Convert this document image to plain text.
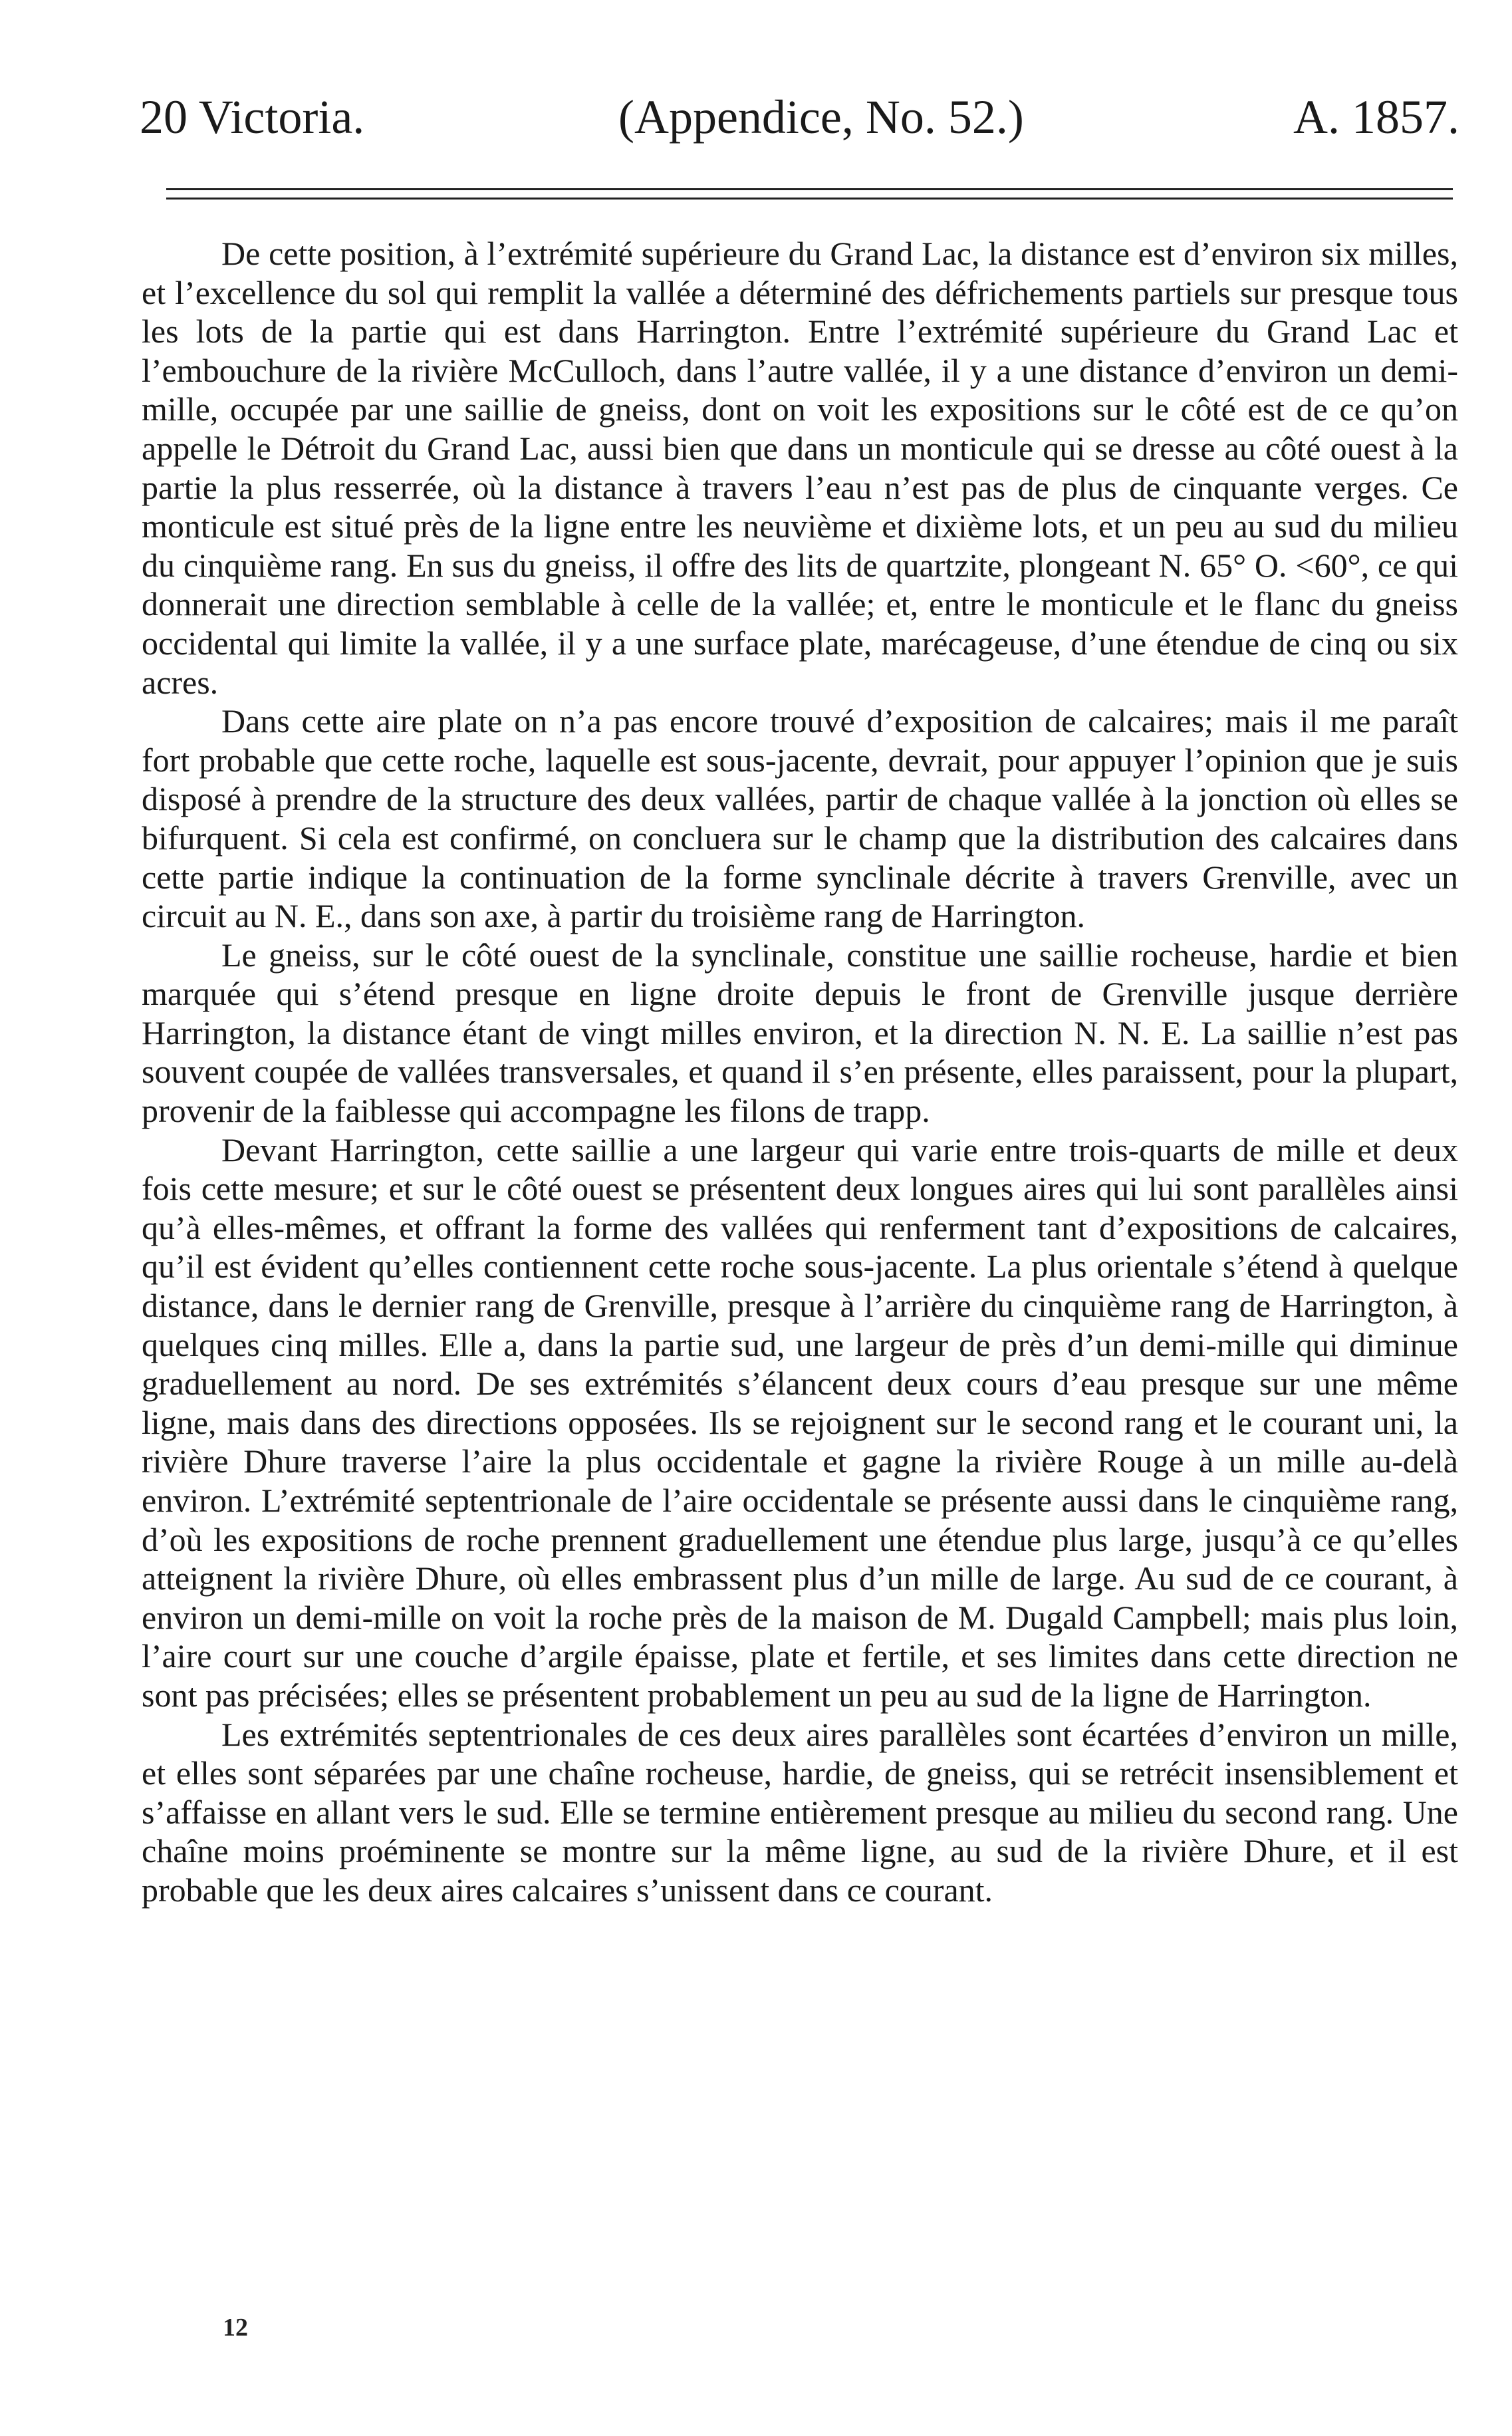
20 Victoria.	(Appendice, No. 52.)	A. 1857.

De cette position, à l’extrémité supérieure du Grand Lac, la distance est d’environ six milles, et l’excellence du sol qui remplit la vallée a déterminé des défrichements partiels sur presque tous les lots de la partie qui est dans Harrington. Entre l’extrémité supérieure du Grand Lac et l’embouchure de la rivière McCulloch, dans l’autre vallée, il y a une distance d’environ un demi-mille, occupée par une saillie de gneiss, dont on voit les expositions sur le côté est de ce qu’on appelle le Détroit du Grand Lac, aussi bien que dans un monticule qui se dresse au côté ouest à la partie la plus resserrée, où la distance à travers l’eau n’est pas de plus de cinquante verges. Ce monticule est situé près de la ligne entre les neuvième et dixième lots, et un peu au sud du milieu du cinquième rang. En sus du gneiss, il offre des lits de quartzite, plongeant N. 65° O. <60°, ce qui donnerait une direction semblable à celle de la vallée; et, entre le monticule et le flanc du gneiss occidental qui limite la vallée, il y a une surface plate, marécageuse, d’une étendue de cinq ou six acres.

Dans cette aire plate on n’a pas encore trouvé d’exposition de calcaires; mais il me paraît fort probable que cette roche, laquelle est sous-jacente, devrait, pour appuyer l’opinion que je suis disposé à prendre de la structure des deux vallées, partir de chaque vallée à la jonction où elles se bifurquent. Si cela est confirmé, on concluera sur le champ que la distribution des calcaires dans cette partie indique la continuation de la forme synclinale décrite à travers Grenville, avec un circuit au N. E., dans son axe, à partir du troisième rang de Harrington.

Le gneiss, sur le côté ouest de la synclinale, constitue une saillie rocheuse, hardie et bien marquée qui s’étend presque en ligne droite depuis le front de Grenville jusque derrière Harrington, la distance étant de vingt milles environ, et la direction N. N. E. La saillie n’est pas souvent coupée de vallées transversales, et quand il s’en présente, elles paraissent, pour la plupart, provenir de la faiblesse qui accompagne les filons de trapp.

Devant Harrington, cette saillie a une largeur qui varie entre trois-quarts de mille et deux fois cette mesure; et sur le côté ouest se présentent deux longues aires qui lui sont parallèles ainsi qu’à elles-mêmes, et offrant la forme des vallées qui renferment tant d’expositions de calcaires, qu’il est évident qu’elles contiennent cette roche sous-jacente. La plus orientale s’étend à quelque distance, dans le dernier rang de Grenville, presque à l’arrière du cinquième rang de Harrington, à quelques cinq milles. Elle a, dans la partie sud, une largeur de près d’un demi-mille qui diminue graduellement au nord. De ses extrémités s’élancent deux cours d’eau presque sur une même ligne, mais dans des directions opposées. Ils se rejoignent sur le second rang et le courant uni, la rivière Dhure traverse l’aire la plus occidentale et gagne la rivière Rouge à un mille au-delà environ. L’extrémité septentrionale de l’aire occidentale se présente aussi dans le cinquième rang, d’où les expositions de roche prennent graduellement une étendue plus large, jusqu’à ce qu’elles atteignent la rivière Dhure, où elles embrassent plus d’un mille de large. Au sud de ce courant, à environ un demi-mille on voit la roche près de la maison de M. Dugald Campbell; mais plus loin, l’aire court sur une couche d’argile épaisse, plate et fertile, et ses limites dans cette direction ne sont pas précisées; elles se présentent probablement un peu au sud de la ligne de Harrington.

Les extrémités septentrionales de ces deux aires parallèles sont écartées d’environ un mille, et elles sont séparées par une chaîne rocheuse, hardie, de gneiss, qui se retrécit insensiblement et s’affaisse en allant vers le sud. Elle se termine entièrement presque au milieu du second rang. Une chaîne moins proéminente se montre sur la même ligne, au sud de la rivière Dhure, et il est probable que les deux aires calcaires s’unissent dans ce courant.

12
